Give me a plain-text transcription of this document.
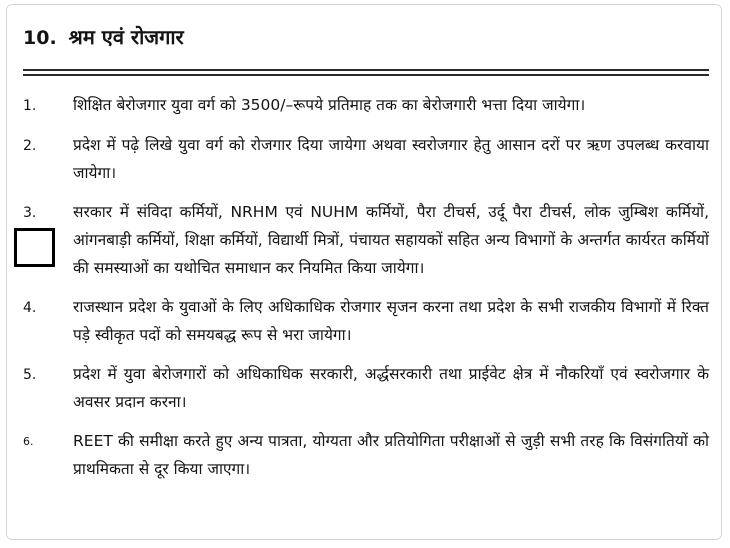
10. श्रम एवं रोजगार
1.	शिक्षित बेरोजगार युवा वर्ग को 3500/–रूपये प्रतिमाह तक का बेरोजगारी भत्ता दिया जायेगा।
2.	प्रदेश में पढ़े लिखे युवा वर्ग को रोजगार दिया जायेगा अथवा स्वरोजगार हेतु आसान दरों पर ऋण उपलब्ध करवाया जायेगा।
3.	सरकार में संविदा कर्मियों, NRHM एवं NUHM कर्मियों, पैरा टीचर्स, उर्दू पैरा टीचर्स, लोक जुम्बिश कर्मियों, आंगनबाड़ी कर्मियों, शिक्षा कर्मियों, विद्यार्थी मित्रों, पंचायत सहायकों सहित अन्य विभागों के अन्तर्गत कार्यरत कर्मियों की समस्याओं का यथोचित समाधान कर नियमित किया जायेगा।
4.	राजस्थान प्रदेश के युवाओं के लिए अधिकाधिक रोजगार सृजन करना तथा प्रदेश के सभी राजकीय विभागों में रिक्त पड़े स्वीकृत पदों को समयबद्ध रूप से भरा जायेगा।
5.	प्रदेश में युवा बेरोजगारों को अधिकाधिक सरकारी, अर्द्धसरकारी तथा प्राईवेट क्षेत्र में नौकरियाँ एवं स्वरोजगार के अवसर प्रदान करना।
6.	REET की समीक्षा करते हुए अन्य पात्रता, योग्यता और प्रतियोगिता परीक्षाओं से जुड़ी सभी तरह कि विसंगतियों को प्राथमिकता से दूर किया जाएगा।
